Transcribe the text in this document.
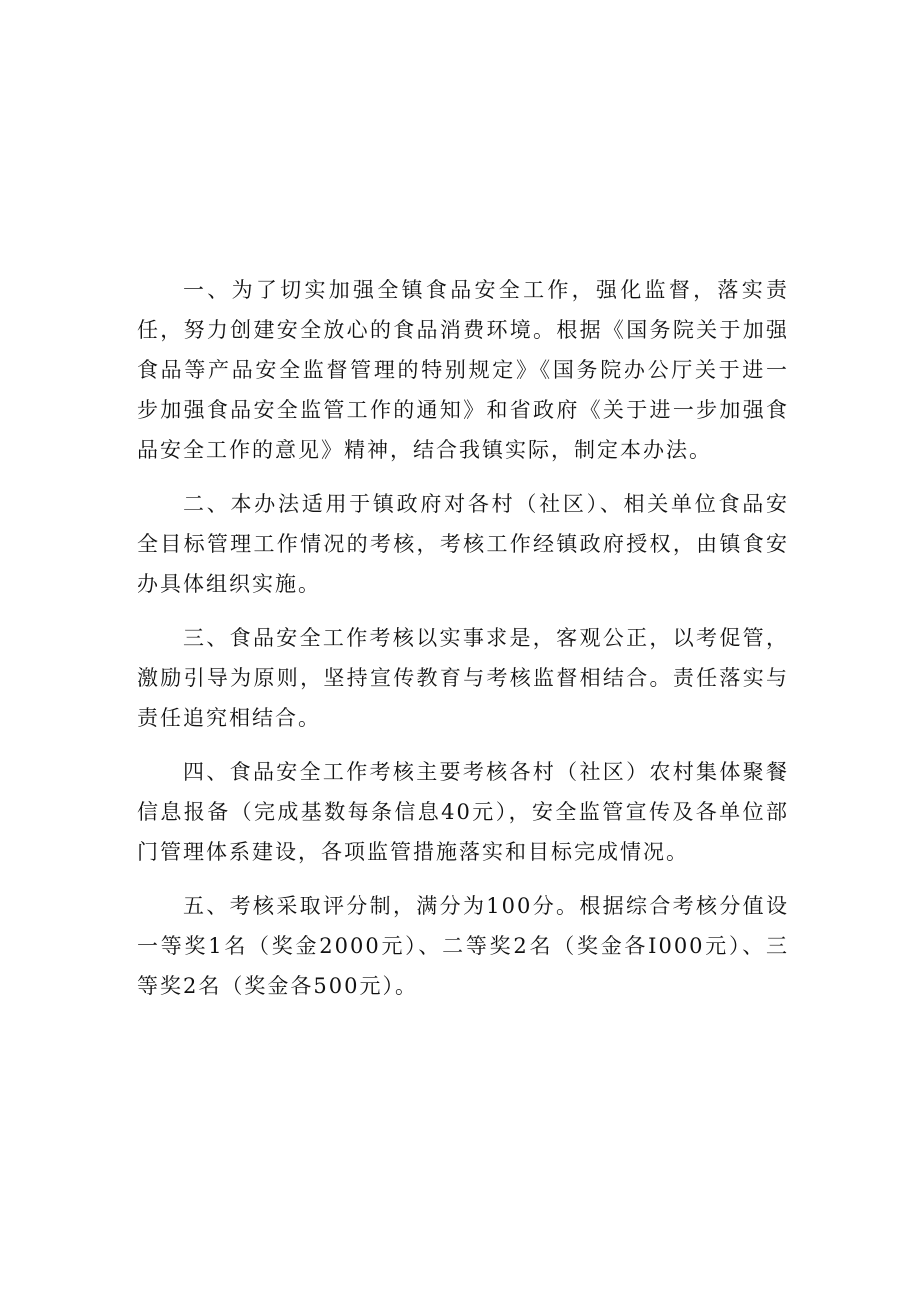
一、为了切实加强全镇食品安全工作，强化监督，落实责任，努力创建安全放心的食品消费环境。根据《国务院关于加强食品等产品安全监督管理的特别规定》《国务院办公厅关于进一步加强食品安全监管工作的通知》和省政府《关于进一步加强食品安全工作的意见》精神，结合我镇实际，制定本办法。

二、本办法适用于镇政府对各村（社区）、相关单位食品安全目标管理工作情况的考核，考核工作经镇政府授权，由镇食安办具体组织实施。

三、食品安全工作考核以实事求是，客观公正，以考促管，激励引导为原则，坚持宣传教育与考核监督相结合。责任落实与责任追究相结合。

四、食品安全工作考核主要考核各村（社区）农村集体聚餐信息报备（完成基数每条信息40元），安全监管宣传及各单位部门管理体系建设，各项监管措施落实和目标完成情况。

五、考核采取评分制，满分为100分。根据综合考核分值设一等奖1名（奖金2000元）、二等奖2名（奖金各I000元）、三等奖2名（奖金各500元）。
